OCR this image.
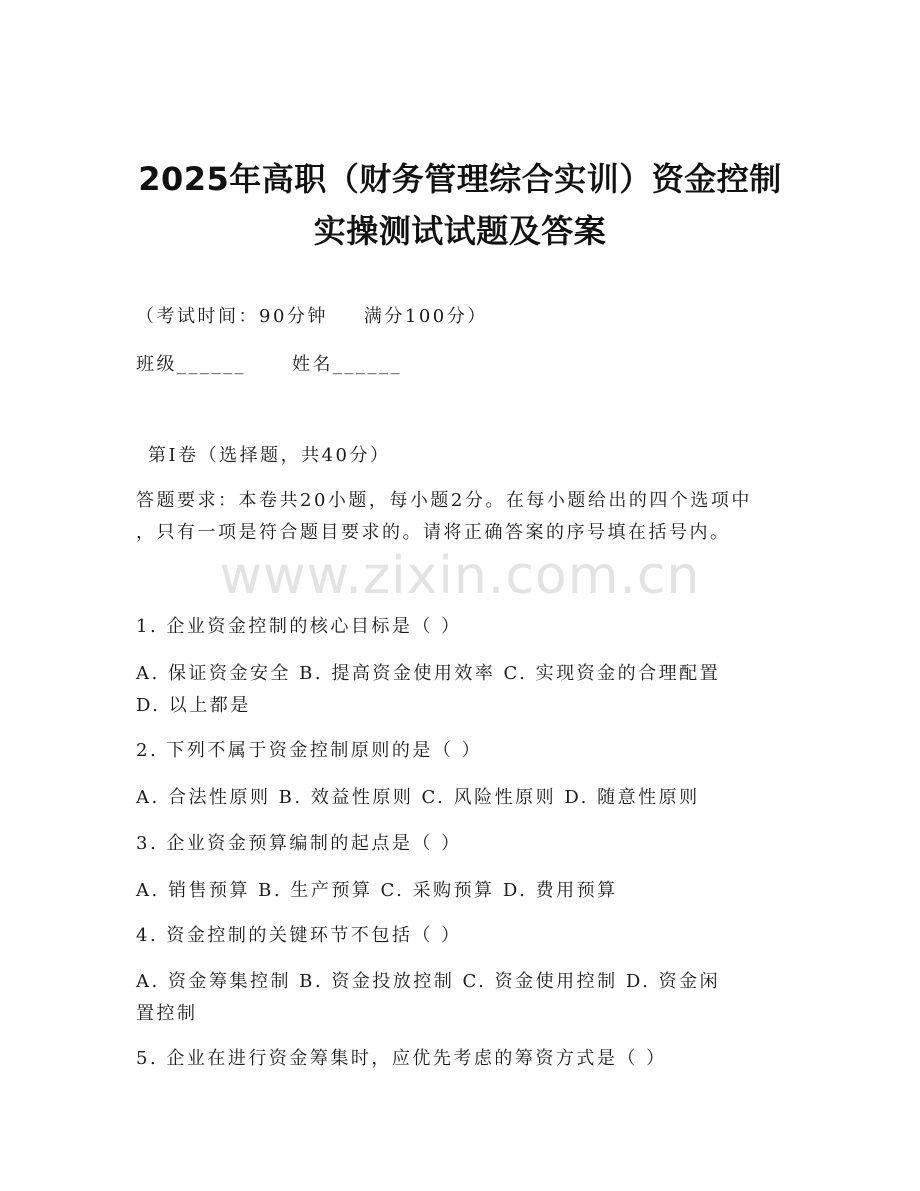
2025年高职（财务管理综合实训）资金控制
实操测试试题及答案
（考试时间：90分钟 满分100分）
班级______	姓名______
第I卷（选择题，共40分）
答题要求：本卷共20小题，每小题2分。在每小题给出的四个选项中
，只有一项是符合题目要求的。请将正确答案的序号填在括号内。
www.zixin.com.cn
1. 企业资金控制的核心目标是（ ）
A. 保证资金安全 B. 提高资金使用效率 C. 实现资金的合理配置
D. 以上都是
2. 下列不属于资金控制原则的是（ ）
A. 合法性原则 B. 效益性原则 C. 风险性原则 D. 随意性原则
3. 企业资金预算编制的起点是（ ）
A. 销售预算 B. 生产预算 C. 采购预算 D. 费用预算
4. 资金控制的关键环节不包括（ ）
A. 资金筹集控制 B. 资金投放控制 C. 资金使用控制 D. 资金闲
置控制
5. 企业在进行资金筹集时，应优先考虑的筹资方式是（ ）
